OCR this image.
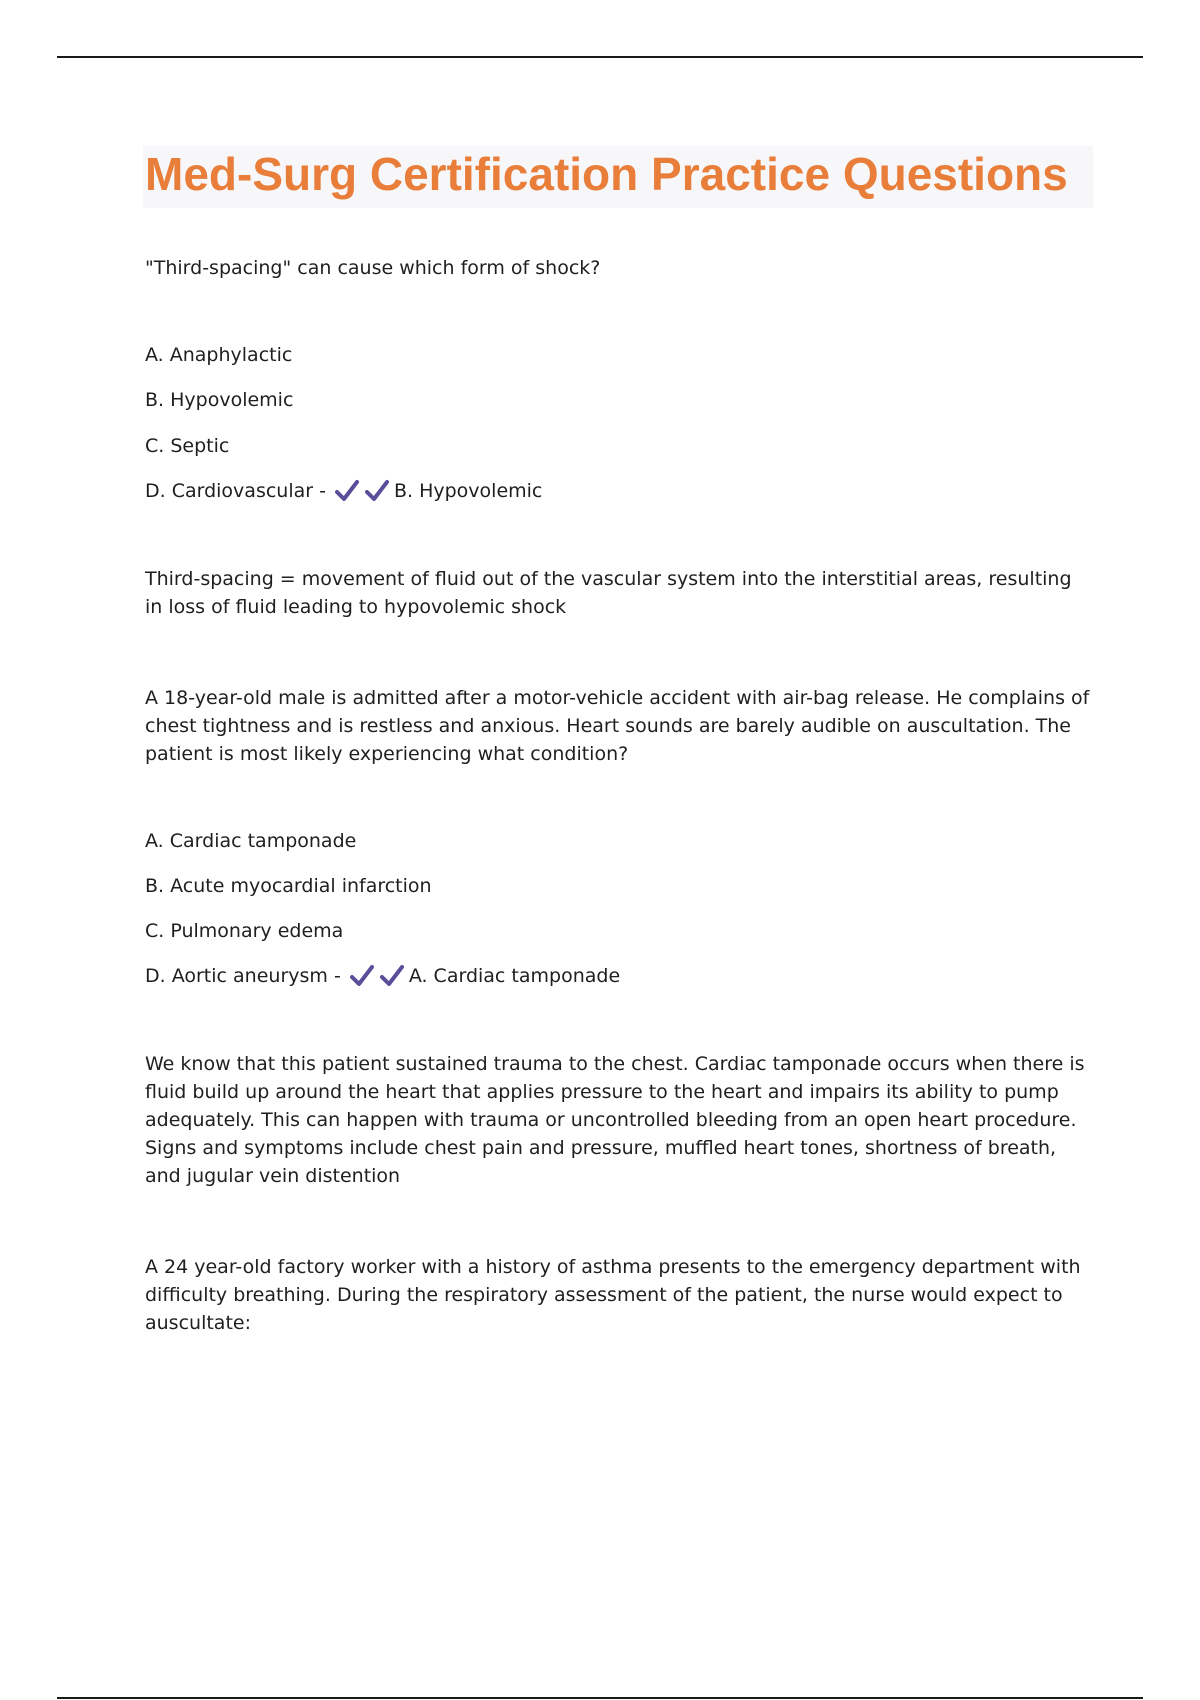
Med-Surg Certification Practice Questions

"Third-spacing" can cause which form of shock?

A. Anaphylactic
B. Hypovolemic
C. Septic
D. Cardiovascular -	B. Hypovolemic

Third-spacing = movement of fluid out of the vascular system into the interstitial areas, resulting in loss of fluid leading to hypovolemic shock

A 18-year-old male is admitted after a motor-vehicle accident with air-bag release. He complains of chest tightness and is restless and anxious. Heart sounds are barely audible on auscultation. The patient is most likely experiencing what condition?

A. Cardiac tamponade
B. Acute myocardial infarction
C. Pulmonary edema
D. Aortic aneurysm -	A. Cardiac tamponade

We know that this patient sustained trauma to the chest. Cardiac tamponade occurs when there is fluid build up around the heart that applies pressure to the heart and impairs its ability to pump adequately. This can happen with trauma or uncontrolled bleeding from an open heart procedure. Signs and symptoms include chest pain and pressure, muffled heart tones, shortness of breath, and jugular vein distention

A 24 year-old factory worker with a history of asthma presents to the emergency department with difficulty breathing. During the respiratory assessment of the patient, the nurse would expect to auscultate:
